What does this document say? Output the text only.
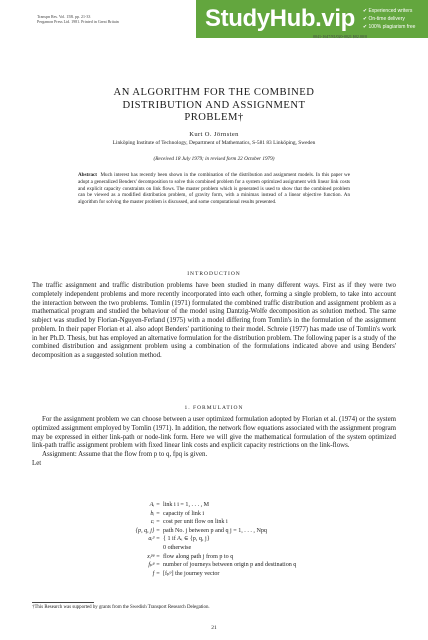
StudyHub.vip ✔ Experienced writers
✔ On-time delivery
✔ 100% plagiarism free
Transpn Res. Vol. 15B. pp. 21-33
Pergamon Press Ltd. 1981. Printed in Great Britain
0041-1647/81/020-0021 $02.00/0
AN ALGORITHM FOR THE COMBINED
DISTRIBUTION AND ASSIGNMENT
PROBLEM†
Kurt O. Jörnsten
Linköping Institute of Technology, Department of Mathematics, S-581 83 Linköping, Sweden
(Received 18 July 1979; in revised form 22 October 1979)
Abstract Much interest has recently been shown in the combination of the distribution and assignment models. In this paper we adopt a generalized Benders' decomposition to solve this combined problem for a system optimized assignment with linear link costs and explicit capacity constraints on link flows. The master problem which is generated is used to show that the combined problem can be viewed as a modified distribution problem, of gravity form, with a minimax instead of a linear objective function. An algorithm for solving the master problem is discussed, and some computational results presented.
INTRODUCTION

The traffic assignment and traffic distribution problems have been studied in many different ways. First as if they were two completely independent problems and more recently incorporated into each other, forming a single problem, to take into account the interaction between the two problems. Tomlin (1971) formulated the combined traffic distribution and assignment problem as a mathematical program and studied the behaviour of the model using Dantzig-Wolfe decomposition as solution method. The same subject was studied by Florian-Nguyen-Ferland (1975) with a model differing from Tomlin's in the formulation of the assignment problem. In their paper Florian et al. also adopt Benders' partitioning to their model. Schreie (1977) has made use of Tomlin's work in her Ph.D. Thesis, but has employed an alternative formulation for the distribution problem. The following paper is a study of the combined distribution and assignment problem using a combination of the formulations indicated above and using Benders' decomposition as a suggested solution method.

1. FORMULATION

For the assignment problem we can choose between a user optimized formulation adopted by Florian et al. (1974) or the system optimized assignment employed by Tomlin (1971). In addition, the network flow equations associated with the assignment program may be expressed in either link-path or node-link form. Here we will give the mathematical formulation of the system optimized link-path traffic assignment problem with fixed linear link costs and explicit capacity restrictions on the link-flows.

Assignment: Assume that the flow from p to q, fpq is given.

Let

Aᵢ = link i i = 1, . . . , M
bᵢ = capacity of link i
cᵢ = cost per unit flow on link i
{p, q, j} = path No. j between p and q j = 1, . . . , Npq
aᵢʲʲ = { 1 if Aᵢ ∈ {p, q, j}
0 otherwise
xᵢᵖᵠ = flow along path j from p to q
fₚᵠ = number of journeys between origin p and destination q
f = [fₚᵠ] the journey vector
†This Research was supported by grants from the Swedish Transport Research Delegation.
21
